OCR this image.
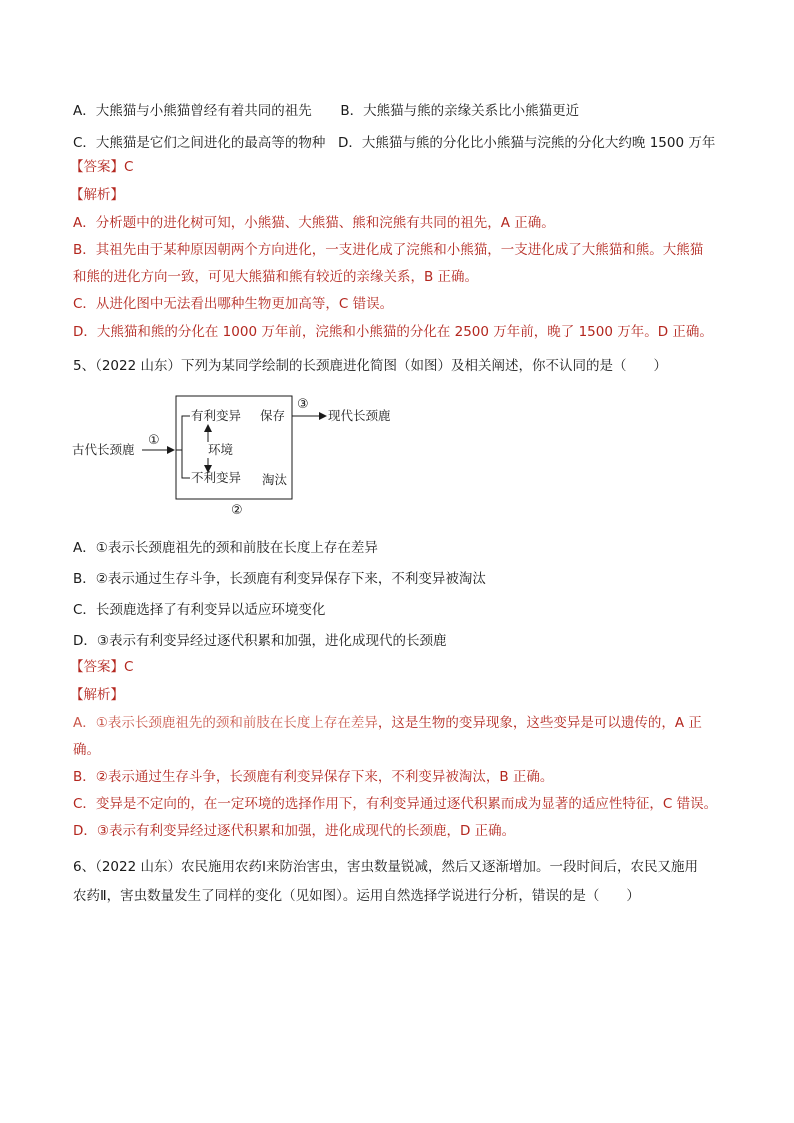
A．大熊猫与小熊猫曾经有着共同的祖先 B．大熊猫与熊的亲缘关系比小熊猫更近
C．大熊猫是它们之间进化的最高等的物种 D．大熊猫与熊的分化比小熊猫与浣熊的分化大约晚 1500 万年
【答案】C
【解析】
A．分析题中的进化树可知，小熊猫、大熊猫、熊和浣熊有共同的祖先，A 正确。
B．其祖先由于某种原因朝两个方向进化，一支进化成了浣熊和小熊猫，一支进化成了大熊猫和熊。大熊猫
和熊的进化方向一致，可见大熊猫和熊有较近的亲缘关系，B 正确。
C．从进化图中无法看出哪种生物更加高等，C 错误。
D．大熊猫和熊的分化在 1000 万年前，浣熊和小熊猫的分化在 2500 万年前，晚了 1500 万年。D 正确。
5、（2022 山东）下列为某同学绘制的长颈鹿进化简图（如图）及相关阐述，你不认同的是（　　）
古代长颈鹿
①
有利变异
环境
不利变异
保存
淘汰
③
现代长颈鹿
②
A．①表示长颈鹿祖先的颈和前肢在长度上存在差异
B．②表示通过生存斗争，长颈鹿有利变异保存下来，不利变异被淘汰
C．长颈鹿选择了有利变异以适应环境变化
D．③表示有利变异经过逐代积累和加强，进化成现代的长颈鹿
【答案】C
【解析】
A．①表示长颈鹿祖先的颈和前肢在长度上存在差异，这是生物的变异现象，这些变异是可以遗传的，A 正
确。
B．②表示通过生存斗争，长颈鹿有利变异保存下来，不利变异被淘汰，B 正确。
C．变异是不定向的，在一定环境的选择作用下，有利变异通过逐代积累而成为显著的适应性特征，C 错误。
D．③表示有利变异经过逐代积累和加强，进化成现代的长颈鹿，D 正确。
6、（2022 山东）农民施用农药Ⅰ来防治害虫，害虫数量锐减，然后又逐渐增加。一段时间后，农民又施用
农药Ⅱ，害虫数量发生了同样的变化（见如图）。运用自然选择学说进行分析，错误的是（　　）
